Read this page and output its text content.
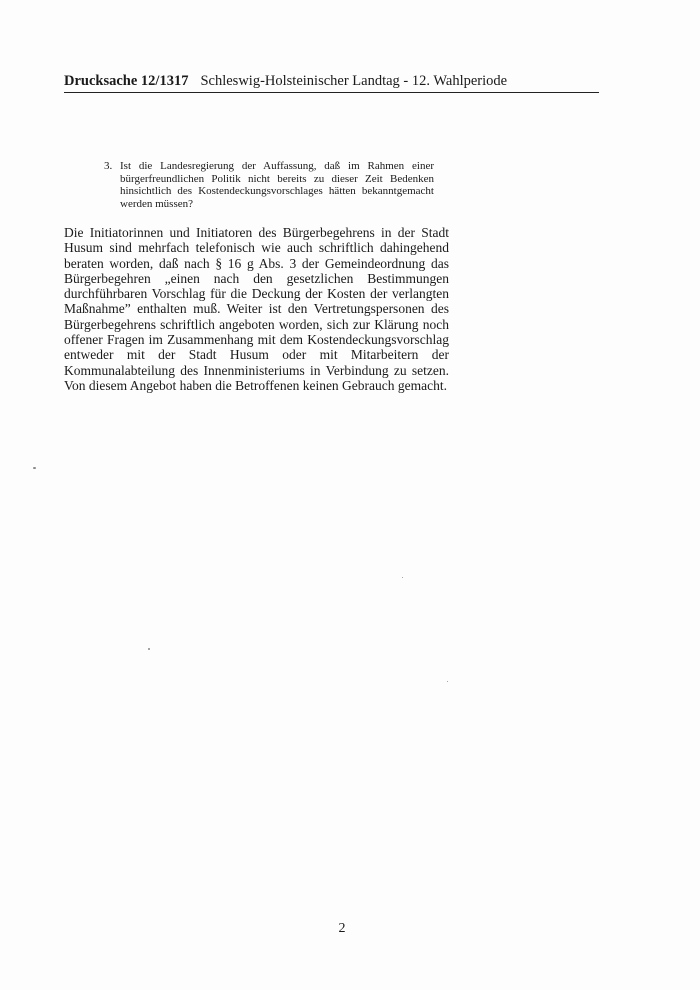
Drucksache 12/1317 Schleswig-Holsteinischer Landtag - 12. Wahlperiode
3. Ist die Landesregierung der Auffassung, daß im Rahmen einer bürgerfreundlichen Politik nicht bereits zu dieser Zeit Bedenken hinsichtlich des Kostendeckungsvorschlages hätten bekanntgemacht werden müssen?

Die Initiatorinnen und Initiatoren des Bürgerbegehrens in der Stadt Husum sind mehrfach telefonisch wie auch schriftlich dahingehend beraten worden, daß nach § 16 g Abs. 3 der Gemeindeordnung das Bürgerbegehren „einen nach den gesetzlichen Bestimmungen durchführbaren Vorschlag für die Deckung der Kosten der verlangten Maßnahme” enthalten muß. Weiter ist den Vertretungspersonen des Bürgerbegehrens schriftlich angeboten worden, sich zur Klärung noch offener Fragen im Zusammenhang mit dem Kostendeckungsvorschlag entweder mit der Stadt Husum oder mit Mitarbeitern der Kommunalabteilung des Innenministeriums in Verbindung zu setzen. Von diesem Angebot haben die Betroffenen keinen Gebrauch gemacht.

2
